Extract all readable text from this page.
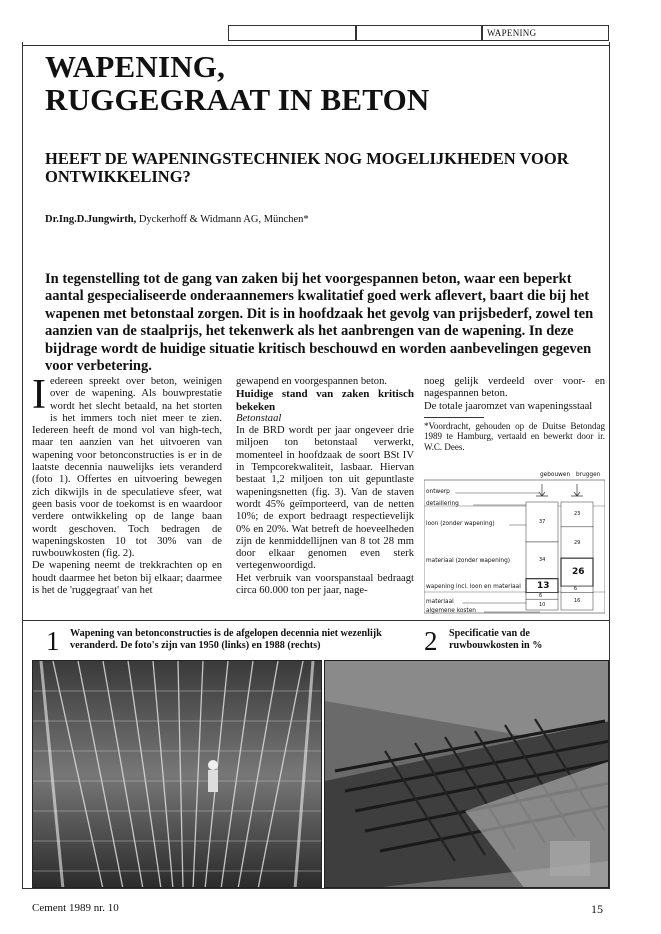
WAPENING
WAPENING,
RUGGEGRAAT IN BETON
HEEFT DE WAPENINGSTECHNIEK NOG MOGELIJKHEDEN VOOR ONTWIKKELING?
Dr.Ing.D.Jungwirth, Dyckerhoff & Widmann AG, München*

In tegenstelling tot de gang van zaken bij het voorgespannen beton, waar een beperkt aantal gespecialiseerde onderaannemers kwalitatief goed werk aflevert, baart die bij het wapenen met betonstaal zorgen. Dit is in hoofdzaak het gevolg van prijsbederf, zowel ten aanzien van de staalprijs, het tekenwerk als het aanbrengen van de wapening. In deze bijdrage wordt de huidige situatie kritisch beschouwd en worden aanbevelingen gegeven voor verbetering.

I edereen spreekt over beton, weinigen over de wapening. Als bouwprestatie wordt het slecht betaald, na het storten is het immers toch niet meer te zien. Iedereen heeft de mond vol van high-tech, maar ten aanzien van het uitvoeren van wapening voor betonconstructies is er in de laatste decennia nauwelijks iets veranderd (foto 1). Offertes en uitvoering bewegen zich dikwijls in de speculatieve sfeer, wat geen basis voor de toekomst is en waardoor verdere ontwikkeling op de lange baan wordt geschoven. Toch bedragen de wapeningskosten 10 tot 30% van de ruwbouwkosten (fig. 2).

De wapening neemt de trekkrachten op en houdt daarmee het beton bij elkaar; daarmee is het de 'ruggegraat' van het

gewapend en voorgespannen beton.

Huidige stand van zaken kritisch bekeken

Betonstaal

In de BRD wordt per jaar ongeveer drie miljoen ton betonstaal verwerkt, momenteel in hoofdzaak de soort BSt IV in Tempcorekwaliteit, lasbaar. Hiervan bestaat 1,2 miljoen ton uit gepuntlaste wapeningsnetten (fig. 3). Van de staven wordt 45% geïmporteerd, van de netten 10%; de export bedraagt respectievelijk 0% en 20%. Wat betreft de hoeveelheden zijn de kenmiddellijnen van 8 tot 28 mm door elkaar genomen even sterk vertegenwoordigd.

Het verbruik van voorspanstaal bedraagt circa 60.000 ton per jaar, nage-

noeg gelijk verdeeld over voor- en nagespannen beton.

De totale jaaromzet van wapeningsstaal

*Voordracht, gehouden op de Duitse Betondag 1989 te Hamburg, vertaald en bewerkt door ir. W.C. Dees.

gebouwen bruggen
ontwerp
detaillering
loon (zonder wapening)
materiaal (zonder wapening)
wapening incl. loon en materiaal
materiaal
algemene kosten
37
34
13
6
10
23
29
26
6
16
1 Wapening van betonconstructies is de afgelopen decennia niet wezenlijk veranderd. De foto's zijn van 1950 (links) en 1988 (rechts)	2 Specificatie van de ruwbouwkosten in %
Cement 1989 nr. 10	15
